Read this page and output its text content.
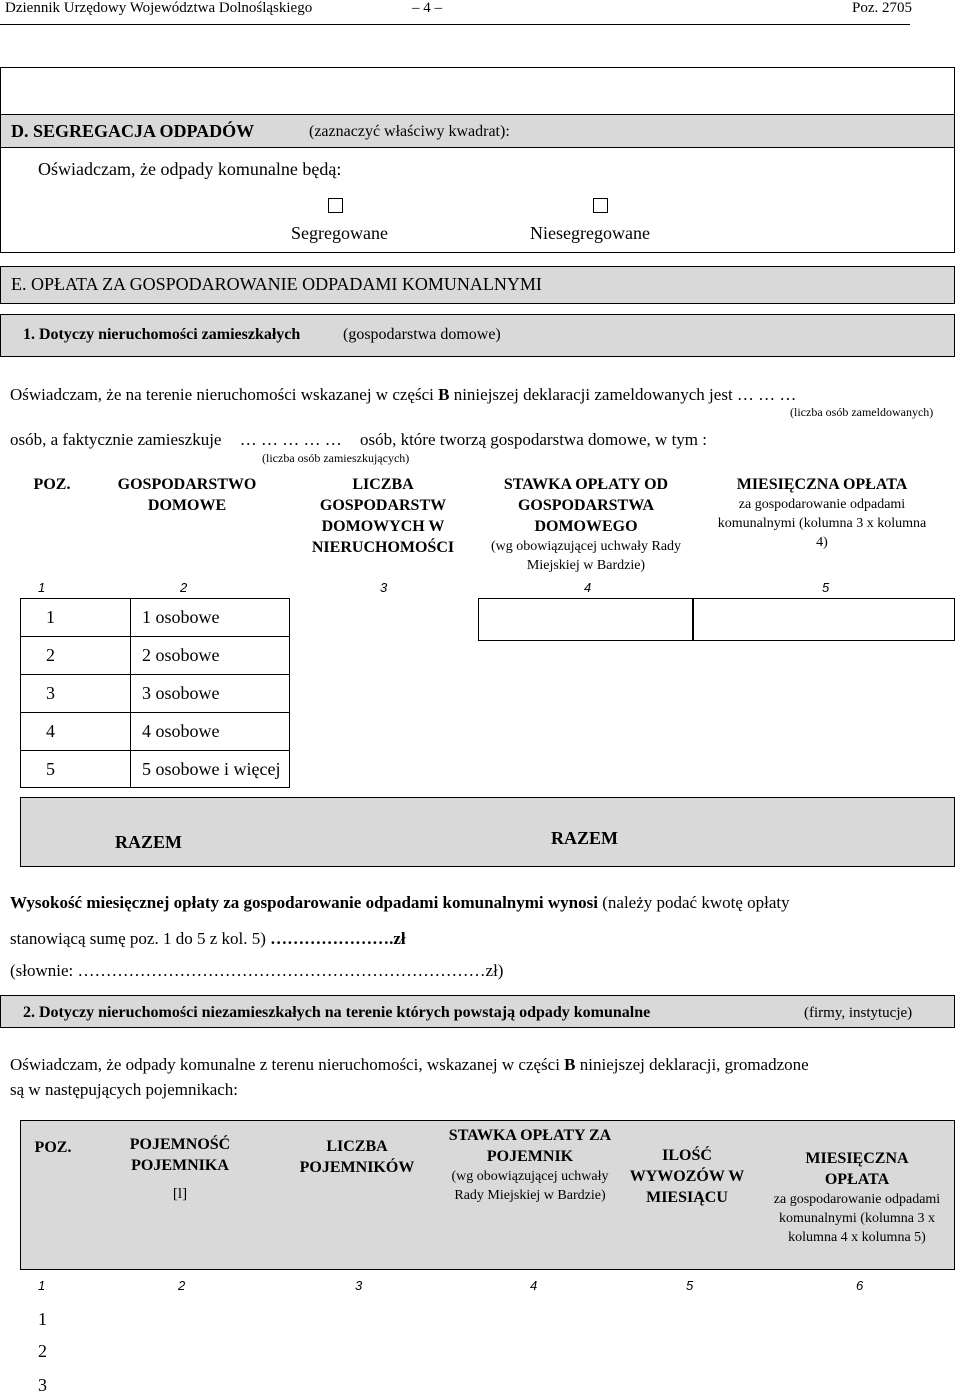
Dziennik Urzędowy Województwa Dolnośląskiego	– 4 –	Poz. 2705
D. SEGREGACJA ODPADÓW	(zaznaczyć właściwy kwadrat):
Oświadczam, że odpady komunalne będą:
Segregowane	Niesegregowane
E. OPŁATA ZA GOSPODAROWANIE ODPADAMI KOMUNALNYMI
1. Dotyczy nieruchomości zamieszkałych	(gospodarstwa domowe)
Oświadczam, że na terenie nieruchomości wskazanej w części B niniejszej deklaracji zameldowanych jest … … …
(liczba osób zameldowanych)
osób, a faktycznie zamieszkuje … … … … … osób, które tworzą gospodarstwa domowe, w tym :
(liczba osób zamieszkujących)
POZ.	GOSPODARSTWO DOMOWE
LICZBA GOSPODARSTW DOMOWYCH W NIERUCHOMOŚCI
STAWKA OPŁATY OD GOSPODARSTWA DOMOWEGO
(wg obowiązującej uchwały Rady Miejskiej w Bardzie)
MIESIĘCZNA OPŁATA
za gospodarowanie odpadami komunalnymi (kolumna 3 x kolumna 4)
1	2	3	4	5
1	1 osobowe
2	2 osobowe
3	3 osobowe
4	4 osobowe
5	5 osobowe i więcej
RAZEM	RAZEM
Wysokość miesięcznej opłaty za gospodarowanie odpadami komunalnymi wynosi (należy podać kwotę opłaty
stanowiącą sumę poz. 1 do 5 z kol. 5) ………………….zł
(słownie: ………………………………………………………………zł)
2. Dotyczy nieruchomości niezamieszkałych na terenie których powstają odpady komunalne	(firmy, instytucje)
Oświadczam, że odpady komunalne z terenu nieruchomości, wskazanej w części B niniejszej deklaracji, gromadzone
są w następujących pojemnikach:
POZ.	POJEMNOŚĆ POJEMNIKA
[l]
LICZBA POJEMNIKÓW
STAWKA OPŁATY ZA POJEMNIK
(wg obowiązującej uchwały Rady Miejskiej w Bardzie)
ILOŚĆ WYWOZÓW W MIESIĄCU
MIESIĘCZNA OPŁATA
za gospodarowanie odpadami komunalnymi (kolumna 3 x kolumna 4 x kolumna 5)
1	2	3	4	5	6
1
2
3
